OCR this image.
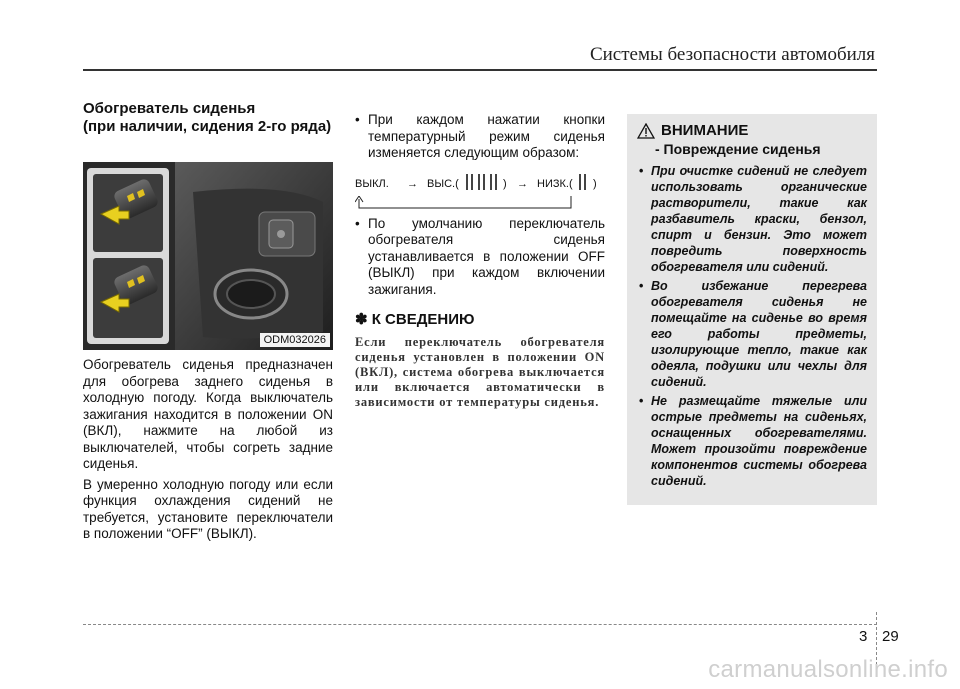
Системы безопасности автомобиля

Обогреватель сиденья

(при наличии, сидения 2-го ряда)

ODM032026

Обогреватель сиденья предназначен для обогрева заднего сиденья в холодную погоду. Когда выключатель зажигания находится в положении ON (ВКЛ), нажмите на любой из выключателей, чтобы согреть задние сиденья.

В умеренно холодную погоду или если функция охлаждения сидений не требуется, установите переключатели в положении “OFF” (ВЫКЛ).

• При каждом нажатии кнопки температурный режим сиденья изменяется следующим образом:
ВЫКЛ. → ВЫС.(	) → НИЗК.( )
• По умолчанию переключатель обогревателя сиденья устанавливается в положении OFF (ВЫКЛ) при каждом включении зажигания.
✽ К СВЕДЕНИЮ
Если переключатель обогревателя сиденья установлен в положении ON (ВКЛ), система обогрева выключается или включается автоматически в зависимости от температуры сиденья.
ВНИМАНИЕ
- Повреждение сиденья
• При очистке сидений не следует использовать органические растворители, такие как разбавитель краски, бензол, спирт и бензин. Это может повредить поверхность обогревателя или сидений.
• Во избежание перегрева обогревателя сиденья не помещайте на сиденье во время его работы предметы, изолирующие тепло, такие как одеяла, подушки или чехлы для сидений.
• Не размещайте тяжелые или острые предметы на сиденьях, оснащенных обогревателями. Может произойти повреждение компонентов системы обогрева сидений.
3 29
carmanualsonline.info
